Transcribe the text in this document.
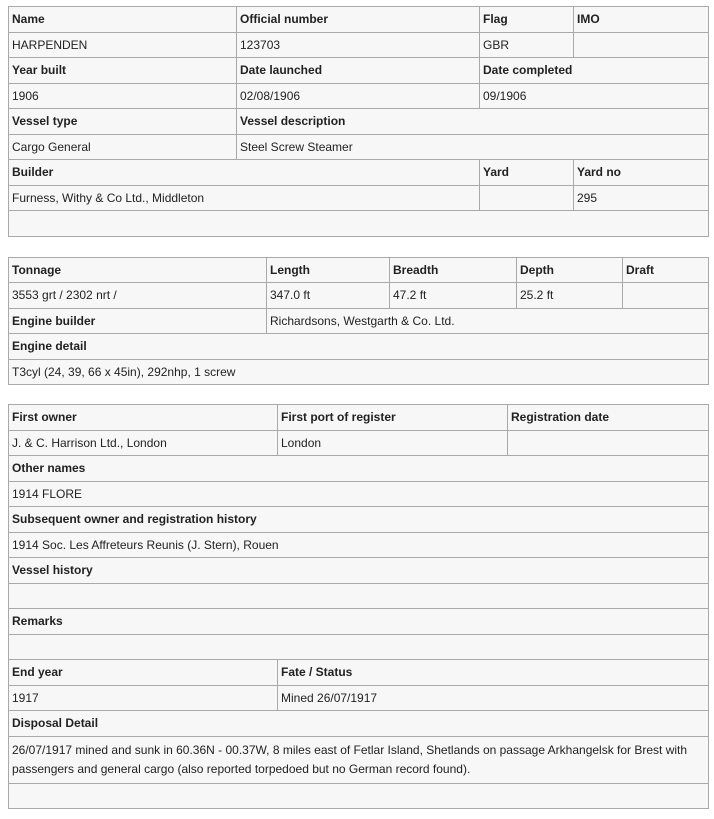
Name	Official number	Flag	IMO
HARPENDEN	123703	GBR	
Year built	Date launched	Date completed	
1906	02/08/1906	09/1906	
Vessel type	Vessel description		
Cargo General	Steel Screw Steamer		
Builder		Yard	Yard no
Furness, Withy & Co Ltd., Middleton			295

Tonnage	Length	Breadth	Depth	Draft
3553 grt / 2302 nrt /	347.0 ft	47.2 ft	25.2 ft	
Engine builder	Richardsons, Westgarth & Co. Ltd.			
Engine detail				
T3cyl (24, 39, 66 x 45in), 292nhp, 1 screw				
First owner	First port of register	Registration date
J. & C. Harrison Ltd., London	London	
Other names		
1914 FLORE		
Subsequent owner and registration history		
1914 Soc. Les Affreteurs Reunis (J. Stern), Rouen		
Vessel history		

Remarks		

End year	Fate / Status	
1917	Mined 26/07/1917	
Disposal Detail		
26/07/1917 mined and sunk in 60.36N - 00.37W, 8 miles east of Fetlar Island, Shetlands on passage Arkhangelsk for Brest with passengers and general cargo (also reported torpedoed but no German record found).		
